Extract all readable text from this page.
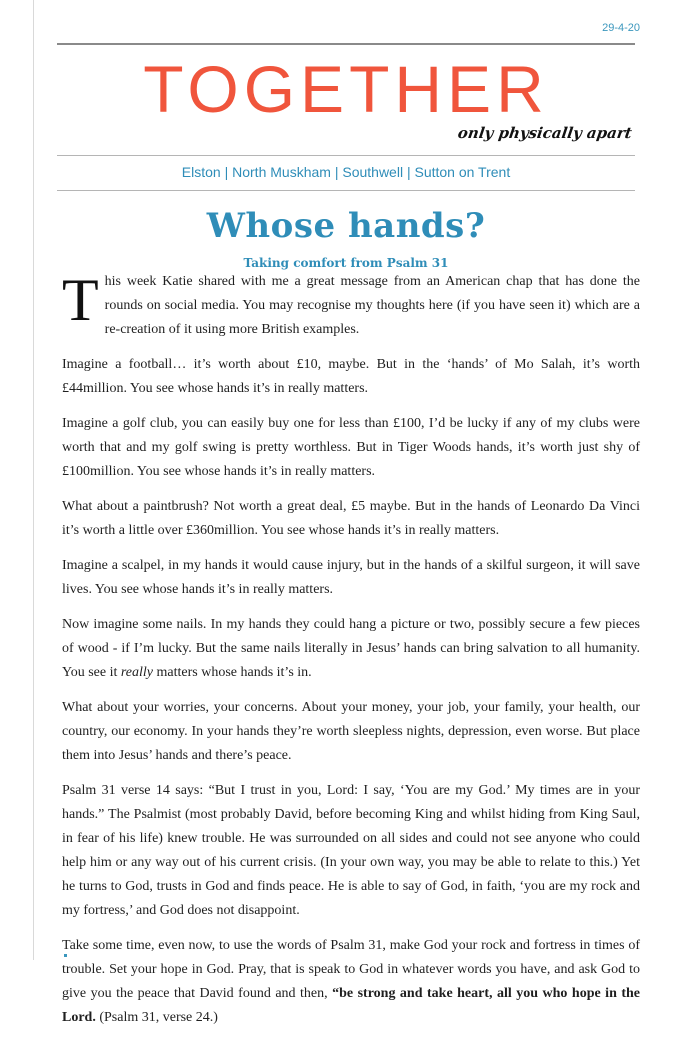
29-4-20
TOGETHER
only physically apart
Elston | North Muskham | Southwell | Sutton on Trent
Whose hands?
Taking comfort from Psalm 31

This week Katie shared with me a great message from an American chap that has done the rounds on social media. You may recognise my thoughts here (if you have seen it) which are a re-creation of it using more British examples.

Imagine a football… it’s worth about £10, maybe. But in the ‘hands’ of Mo Salah, it’s worth £44million. You see whose hands it’s in really matters.

Imagine a golf club, you can easily buy one for less than £100, I’d be lucky if any of my clubs were worth that and my golf swing is pretty worthless. But in Tiger Woods hands, it’s worth just shy of £100million. You see whose hands it’s in really matters.

What about a paintbrush? Not worth a great deal, £5 maybe. But in the hands of Leonardo Da Vinci it’s worth a little over £360million. You see whose hands it’s in really matters.

Imagine a scalpel, in my hands it would cause injury, but in the hands of a skilful surgeon, it will save lives. You see whose hands it’s in really matters.

Now imagine some nails. In my hands they could hang a picture or two, possibly secure a few pieces of wood - if I’m lucky. But the same nails literally in Jesus’ hands can bring salvation to all humanity. You see it really matters whose hands it’s in.

What about your worries, your concerns. About your money, your job, your family, your health, our country, our economy. In your hands they’re worth sleepless nights, depression, even worse. But place them into Jesus’ hands and there’s peace.

Psalm 31 verse 14 says: “But I trust in you, Lord: I say, ‘You are my God.’ My times are in your hands.” The Psalmist (most probably David, before becoming King and whilst hiding from King Saul, in fear of his life) knew trouble. He was surrounded on all sides and could not see anyone who could help him or any way out of his current crisis. (In your own way, you may be able to relate to this.) Yet he turns to God, trusts in God and finds peace. He is able to say of God, in faith, ‘you are my rock and my fortress,’ and God does not disappoint.

Take some time, even now, to use the words of Psalm 31, make God your rock and fortress in times of trouble. Set your hope in God. Pray, that is speak to God in whatever words you have, and ask God to give you the peace that David found and then, “be strong and take heart, all you who hope in the Lord. (Psalm 31, verse 24.)
